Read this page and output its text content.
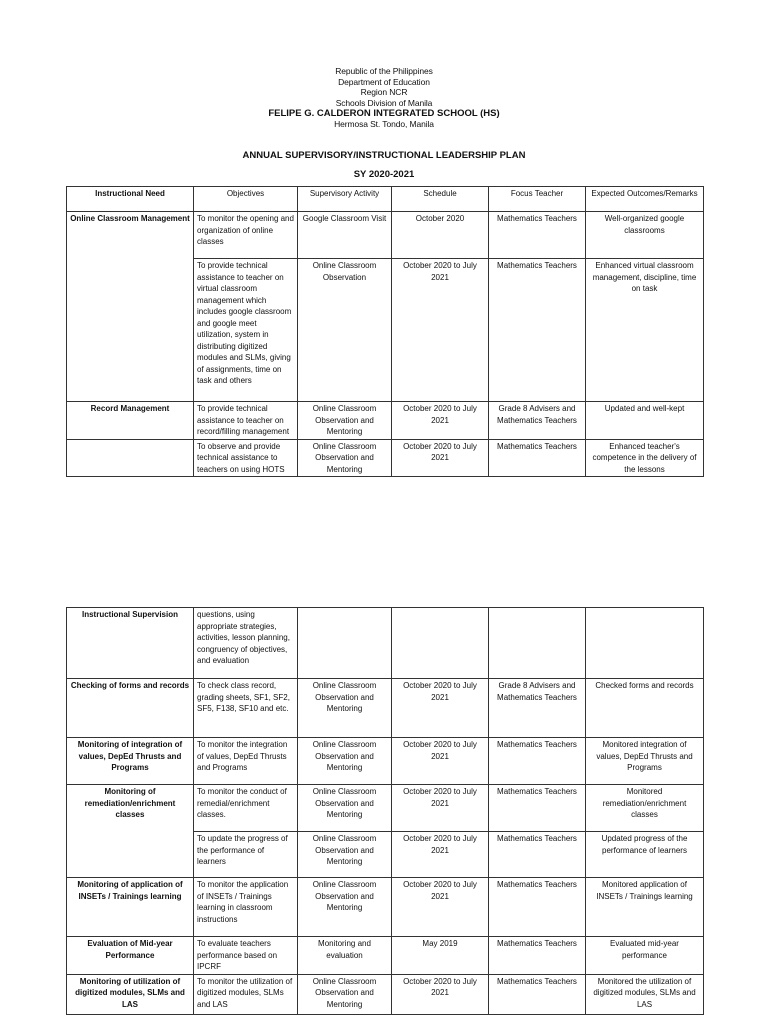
Republic of the Philippines
Department of Education
Region NCR
Schools Division of Manila
FELIPE G. CALDERON INTEGRATED SCHOOL (HS)
Hermosa St. Tondo, Manila
ANNUAL SUPERVISORY/INSTRUCTIONAL LEADERSHIP PLAN
SY 2020-2021
Instructional Need	Objectives	Supervisory Activity	Schedule	Focus Teacher	Expected Outcomes/Remarks
Online Classroom Management	To monitor the opening and organization of online classes	Google Classroom Visit	October 2020	Mathematics Teachers	Well-organized google classrooms
	To provide technical assistance to teacher on virtual classroom management which includes google classroom and google meet utilization, system in distributing digitized modules and SLMs, giving of assignments, time on task and others	Online Classroom Observation	October 2020 to July 2021	Mathematics Teachers	Enhanced virtual classroom management, discipline, time on task
Record Management	To provide technical assistance to teacher on record/filling management	Online Classroom Observation and Mentoring	October 2020 to July 2021	Grade 8 Advisers and Mathematics Teachers	Updated and well-kept
	To observe and provide technical assistance to teachers on using HOTS	Online Classroom Observation and Mentoring	October 2020 to July 2021	Mathematics Teachers	Enhanced teacher's competence in the delivery of the lessons
Instructional Supervision	questions, using appropriate strategies, activities, lesson planning, congruency of objectives, and evaluation				
Checking of forms and records	To check class record, grading sheets, SF1, SF2, SF5, F138, SF10 and etc.	Online Classroom Observation and Mentoring	October 2020 to July 2021	Grade 8 Advisers and Mathematics Teachers	Checked forms and records
Monitoring of integration of values, DepEd Thrusts and Programs	To monitor the integration of values, DepEd Thrusts and Programs	Online Classroom Observation and Mentoring	October 2020 to July 2021	Mathematics Teachers	Monitored integration of values, DepEd Thrusts and Programs
Monitoring of remediation/enrichment classes	To monitor the conduct of remedial/enrichment classes.	Online Classroom Observation and Mentoring	October 2020 to July 2021	Mathematics Teachers	Monitored remediation/enrichment classes
	To update the progress of the performance of learners	Online Classroom Observation and Mentoring	October 2020 to July 2021	Mathematics Teachers	Updated progress of the performance of learners
Monitoring of application of INSETs / Trainings learning	To monitor the application of INSETs / Trainings learning in classroom instructions	Online Classroom Observation and Mentoring	October 2020 to July 2021	Mathematics Teachers	Monitored application of INSETs / Trainings learning
Evaluation of Mid-year Performance	To evaluate teachers performance based on IPCRF	Monitoring and evaluation	May 2019	Mathematics Teachers	Evaluated mid-year performance
Monitoring of utilization of digitized modules, SLMs and LAS	To monitor the utilization of digitized modules, SLMs and LAS	Online Classroom Observation and Mentoring	October 2020 to July 2021	Mathematics Teachers	Monitored the utilization of digitized modules, SLMs and LAS
